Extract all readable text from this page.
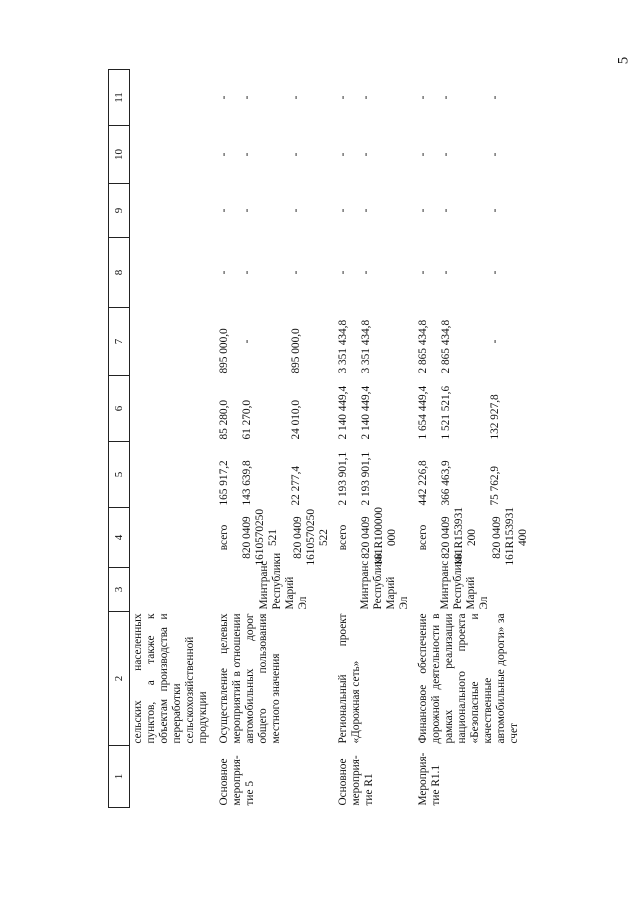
5
1	2	3	4	5	6	7	8	9	10	11
	сельских населенных пунктов, а также к объектам производства и переработки сельскохозяйственной продукции									
Основное мероприя-тие 5	Осуществление целевых мероприятий в отношении автомобильных дорог общего пользования местного значения	Минтранс Республики Марий Эл	всего 820 0409 1610570250 521 820 0409 1610570250 522	165 917,2 143 639,8 22 277,4	85 280,0 61 270,0 24 010,0	895 000,0 - 895 000,0	- - -	- - -	- - -	- - -

Основное мероприя-тие R1	Региональный проект «Дорожная сеть»	Минтранс Республики Марий Эл	всего 820 0409 161R100000 000	2 193 901,1 2 193 901,1	2 140 449,4 2 140 449,4	3 351 434,8 3 351 434,8	- -	- -	- -	- -

Мероприя-тие R1.1	Финансовое обеспечение дорожной деятельности в рамках реализации национального проекта «Безопасные и качественные автомобильные дороги» за счет	Минтранс Республики Марий Эл	всего 820 0409 161R153931 200 820 0409 161R153931 400	442 226,8 366 463,9 75 762,9	1 654 449,4 1 521 521,6 132 927,8	2 865 434,8 2 865 434,8 -	- - -	- - -	- - -	- - -
